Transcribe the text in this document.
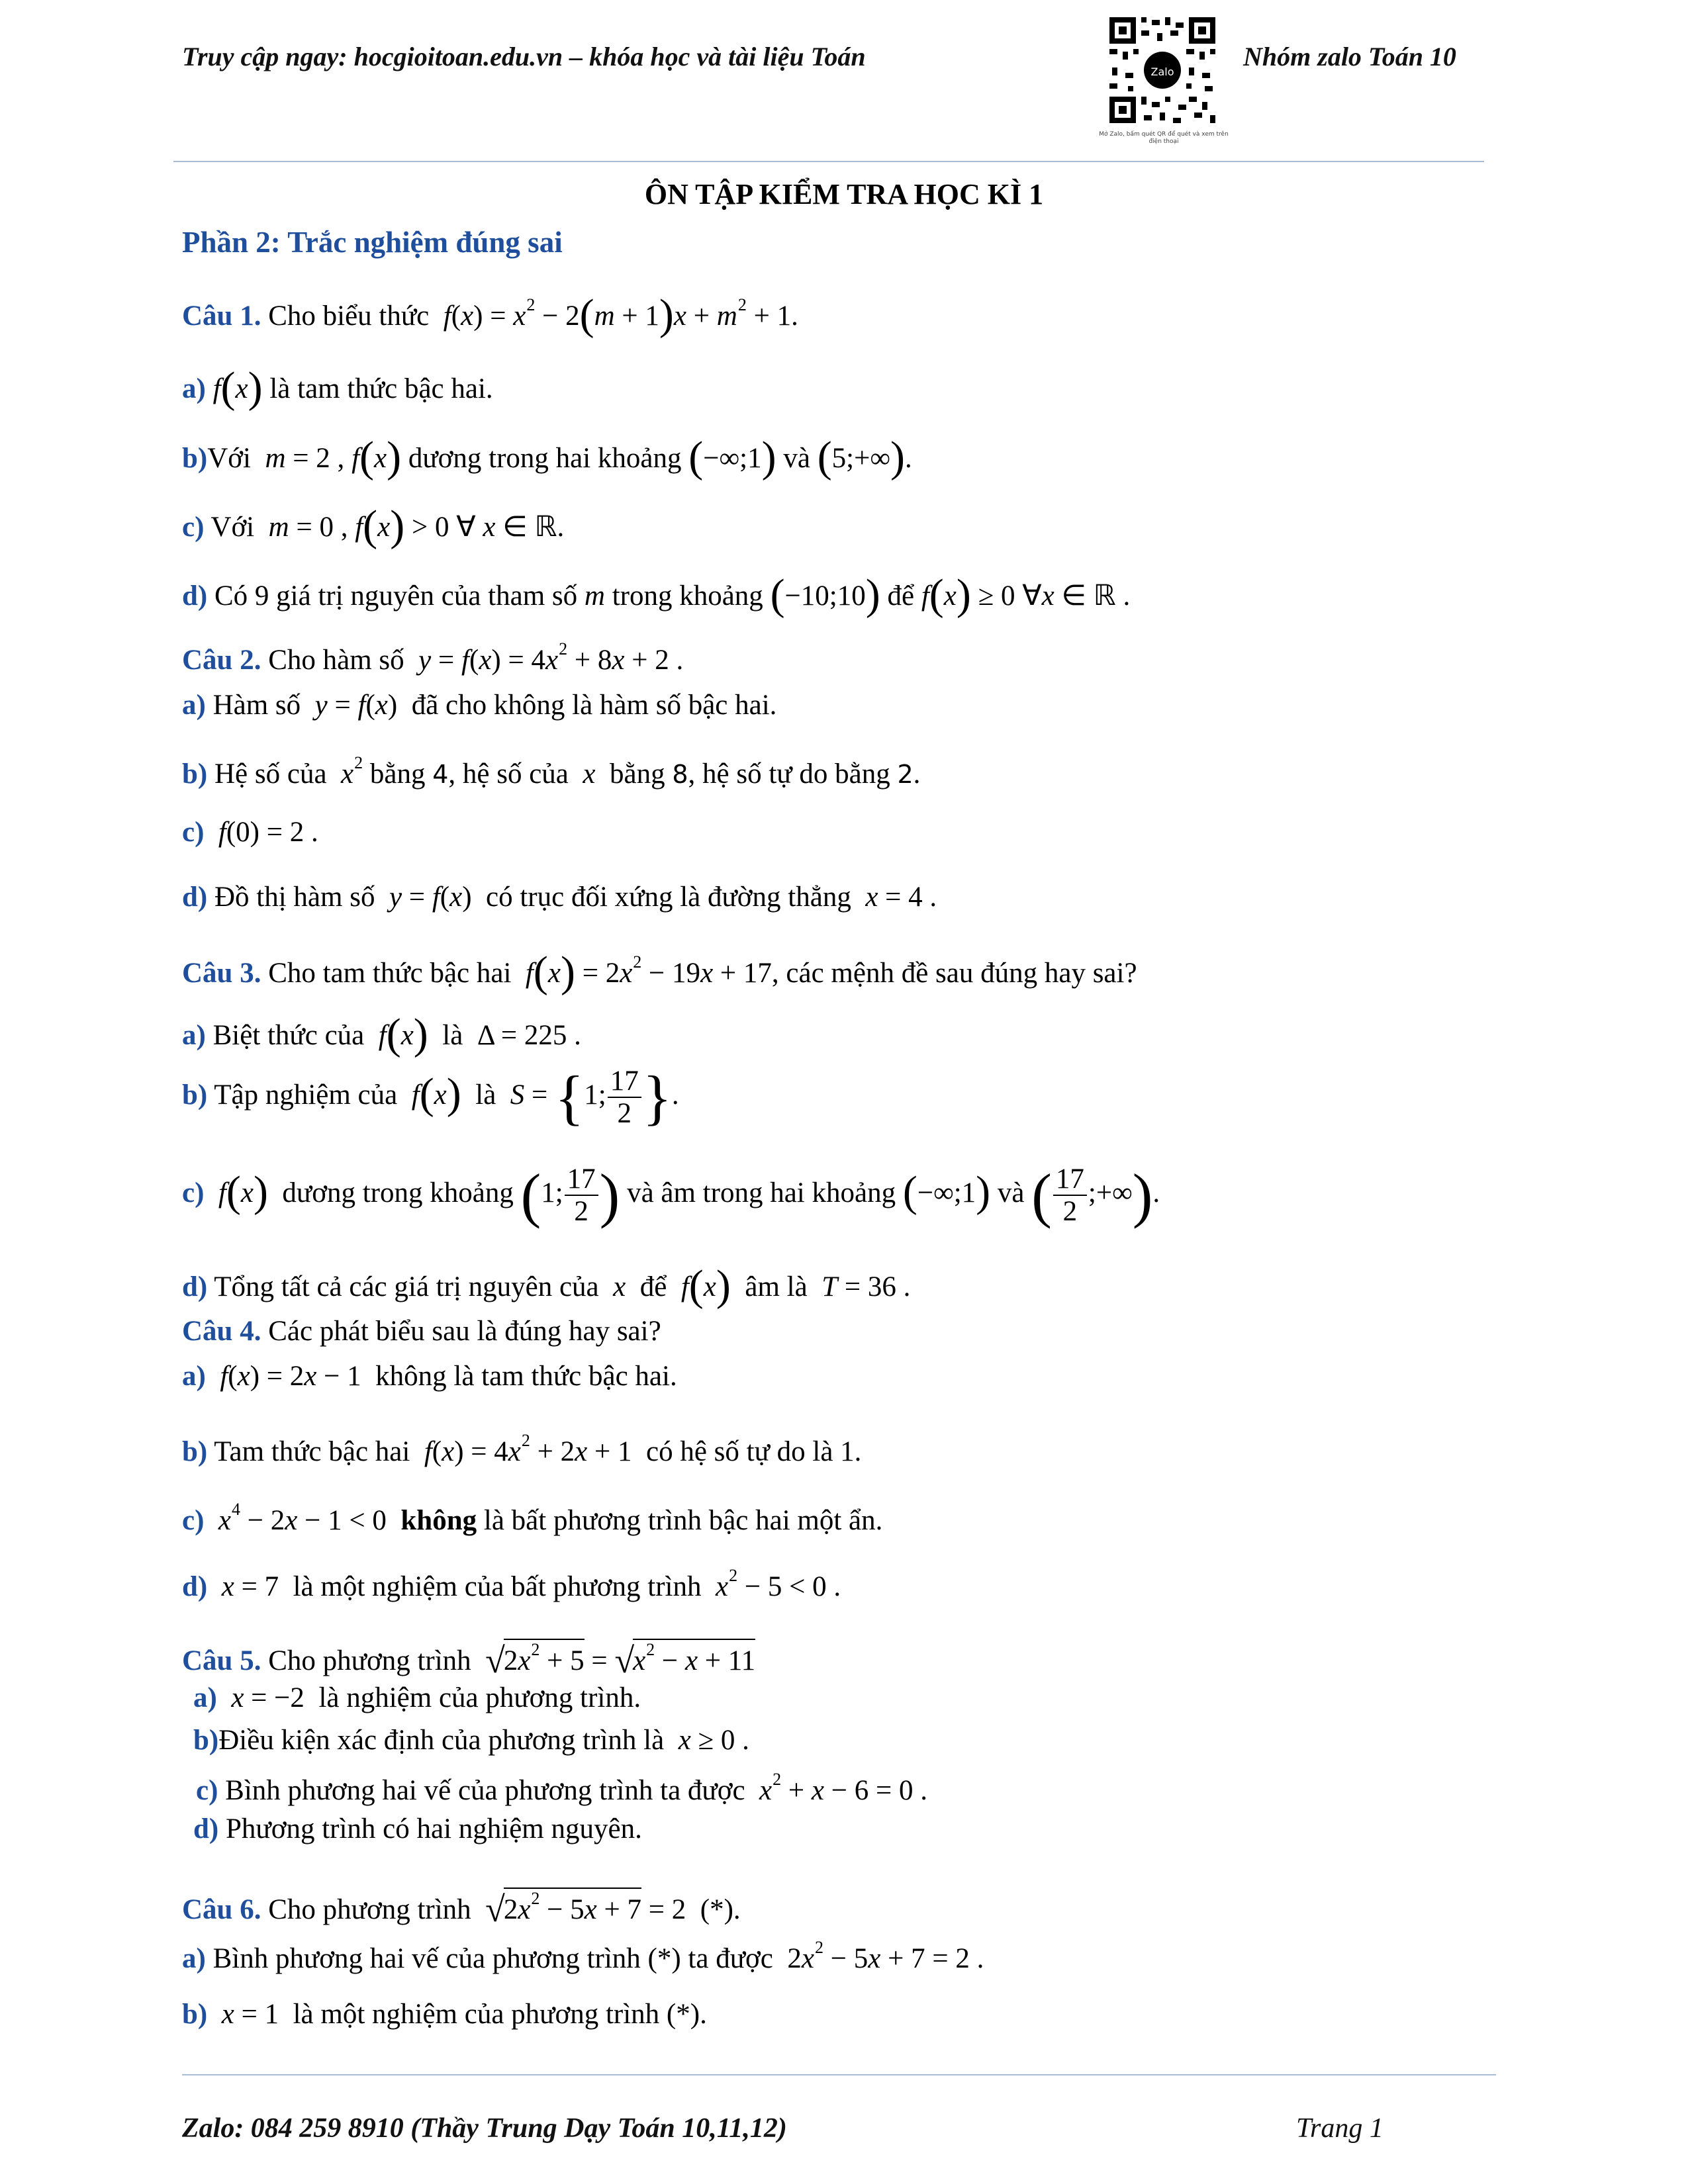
Truy cập ngay: hocgioitoan.edu.vn – khóa học và tài liệu Toán
Zalo
Mở Zalo, bấm quét QR để quét và xem trên điện thoại
Nhóm zalo Toán 10
ÔN TẬP KIỂM TRA HỌC KÌ 1
Phần 2: Trắc nghiệm đúng sai
Câu 1. Cho biểu thức $f(x) = x^2 - 2(m + 1)x + m^2 + 1$.
a) f(x) là tam thức bậc hai.
b)Với m = 2 , f(x) dương trong hai khoảng (−∞;1) và (5;+∞).
c) Với m = 0 , f(x) > 0 ∀ x ∈ ℝ.
d) Có 9 giá trị nguyên của tham số m trong khoảng (−10;10) để f(x) ≥ 0 ∀x ∈ ℝ .
Câu 2. Cho hàm số $y = f(x) = 4x^2 + 8x + 2$ .
a) Hàm số y = f(x)  đã cho không là hàm số bậc hai.
b) Hệ số của  $x^2$ bằng 4, hệ số của  x  bằng 8, hệ số tự do bằng 2.
c) f(0) = 2 .
d) Đồ thị hàm số y = f(x)  có trục đối xứng là đường thẳng x = 4 .
Câu 3. Cho tam thức bậc hai $f(x) = 2x^2 - 19x + 17$, các mệnh đề sau đúng hay sai?
a) Biệt thức của f(x) là  Δ = 225 .
b) Tập nghiệm của f(x) là S = {1; $\frac{17}{2}$ }.
c) f(x) dương trong khoảng (1; $\frac{17}{2}$ ) và âm trong hai khoảng (−∞;1) và ( $\frac{17}{2}$ ;+∞).
d) Tổng tất cả các giá trị nguyên của  x  để f(x) âm là T = 36 .
Câu 4. Các phát biểu sau là đúng hay sai?
a) f(x) = 2x − 1  không là tam thức bậc hai.
b) Tam thức bậc hai $f(x) = 4x^2 + 2x + 1$  có hệ số tự do là 1.
c) $x^4 - 2x - 1 < 0$  không là bất phương trình bậc hai một ẩn.
d) x = 7  là một nghiệm của bất phương trình $x^2 - 5 < 0$ .
Câu 5. Cho phương trình $√2x^2 + 5 = √x^2 - x + 11$
a) x = −2  là nghiệm của phương trình.
b)Điều kiện xác định của phương trình là x ≥ 0 .
c) Bình phương hai vế của phương trình ta được $x^2 + x - 6 = 0$ .
d) Phương trình có hai nghiệm nguyên.
Câu 6. Cho phương trình $√2x^2 - 5x + 7 = 2$  (*).
a) Bình phương hai vế của phương trình (*) ta được  $2x^2 - 5x + 7 = 2$ .
b) x = 1  là một nghiệm của phương trình (*).
Zalo: 084 259 8910 (Thầy Trung Dạy Toán 10,11,12)	Trang 1
